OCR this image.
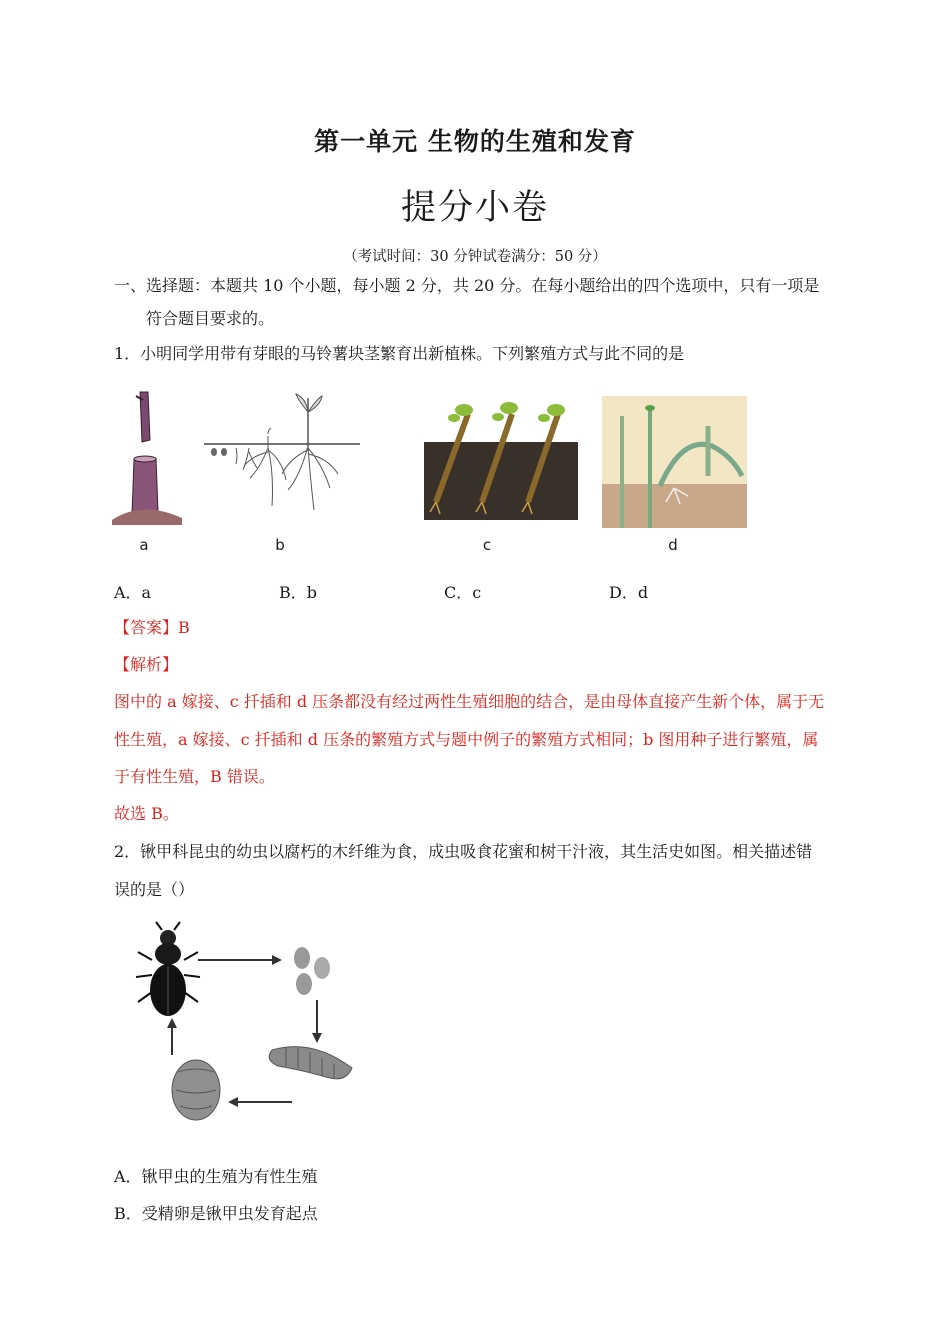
第一单元 生物的生殖和发育
提分小卷
（考试时间：30 分钟试卷满分：50 分）
一、选择题：本题共 10 个小题，每小题 2 分，共 20 分。在每小题给出的四个选项中，只有一项是
符合题目要求的。
1．小明同学用带有芽眼的马铃薯块茎繁育出新植株。下列繁殖方式与此不同的是
a	b	c	d
A．a	B．b	C．c	D．d
【答案】B
【解析】
图中的 a 嫁接、c 扦插和 d 压条都没有经过两性生殖细胞的结合，是由母体直接产生新个体，属于无
性生殖，a 嫁接、c 扦插和 d 压条的繁殖方式与题中例子的繁殖方式相同；b 图用种子进行繁殖，属
于有性生殖，B 错误。
故选 B。
2．锹甲科昆虫的幼虫以腐朽的木纤维为食，成虫吸食花蜜和树干汁液，其生活史如图。相关描述错
误的是（）
A．锹甲虫的生殖为有性生殖
B．受精卵是锹甲虫发育起点
